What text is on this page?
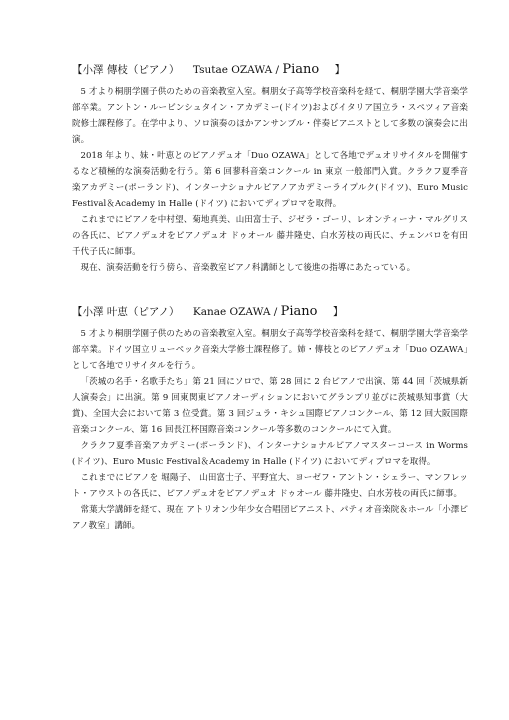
【小澤 傳枝（ピアノ） Tsutae OZAWA / Piano 】

5 才より桐朋学園子供のための音楽教室入室。桐朋女子高等学校音楽科を経て、桐朋学園大学音楽学部卒業。アントン・ルービンシュタイン・アカデミー(ドイツ)およびイタリア国立ラ・スペツィア音楽院修士課程修了。在学中より、ソロ演奏のほかアンサンブル・伴奏ピアニストとして多数の演奏会に出演。

2018 年より、妹・叶恵とのピアノデュオ「Duo OZAWA」として各地でデュオリサイタルを開催するなど積極的な演奏活動を行う。第 6 回蓼科音楽コンクール in 東京 一般部門入賞。クラクフ夏季音楽アカデミー(ポーランド)、インターナショナルピアノアカデミーライプルク(ドイツ)、Euro Music Festival＆Academy in Halle (ドイツ) においてディプロマを取得。

これまでにピアノを中村望、菊地真美、山田富士子、ジゼラ・ゴーリ、レオンティーナ・マルグリスの各氏に、ピアノデュオをピアノデュオ ドゥオール 藤井隆史、白水芳枝の両氏に、チェンバロを有田千代子氏に師事。

現在、演奏活動を行う傍ら、音楽教室ピアノ科講師として後進の指導にあたっている。

【小澤 叶恵（ピアノ） Kanae OZAWA / Piano 】

5 才より桐朋学園子供のための音楽教室入室。桐朋女子高等学校音楽科を経て、桐朋学園大学音楽学部卒業。ドイツ国立リューベック音楽大学修士課程修了。姉・傳枝とのピアノデュオ「Duo OZAWA」として各地でリサイタルを行う。

「茨城の名手・名歌手たち」第 21 回にソロで、第 28 回に 2 台ピアノで出演、第 44 回「茨城県新人演奏会」に出演。第 9 回東関東ピアノオーディションにおいてグランプリ並びに茨城県知事賞（大賞)、全国大会において第 3 位受賞。第 3 回ジュラ・キシュ国際ピアノコンクール、第 12 回大阪国際音楽コンクール、第 16 回長江杯国際音楽コンクール等多数のコンクールにて入賞。

クラクフ夏季音楽アカデミー(ポーランド)、インターナショナルピアノマスターコース in Worms (ドイツ)、Euro Music Festival＆Academy in Halle (ドイツ) においてディプロマを取得。

これまでにピアノを 堀陽子、 山田富士子、平野宜大、ヨーゼフ・アントン・シェラー、マンフレット・アウストの各氏に、ピアノデュオをピアノデュオ ドゥオール 藤井隆史、白水芳枝の両氏に師事。

常葉大学講師を経て、現在 アトリオン少年少女合唱団ピアニスト、パティオ音楽院＆ホール「小澤ピアノ教室」講師。
